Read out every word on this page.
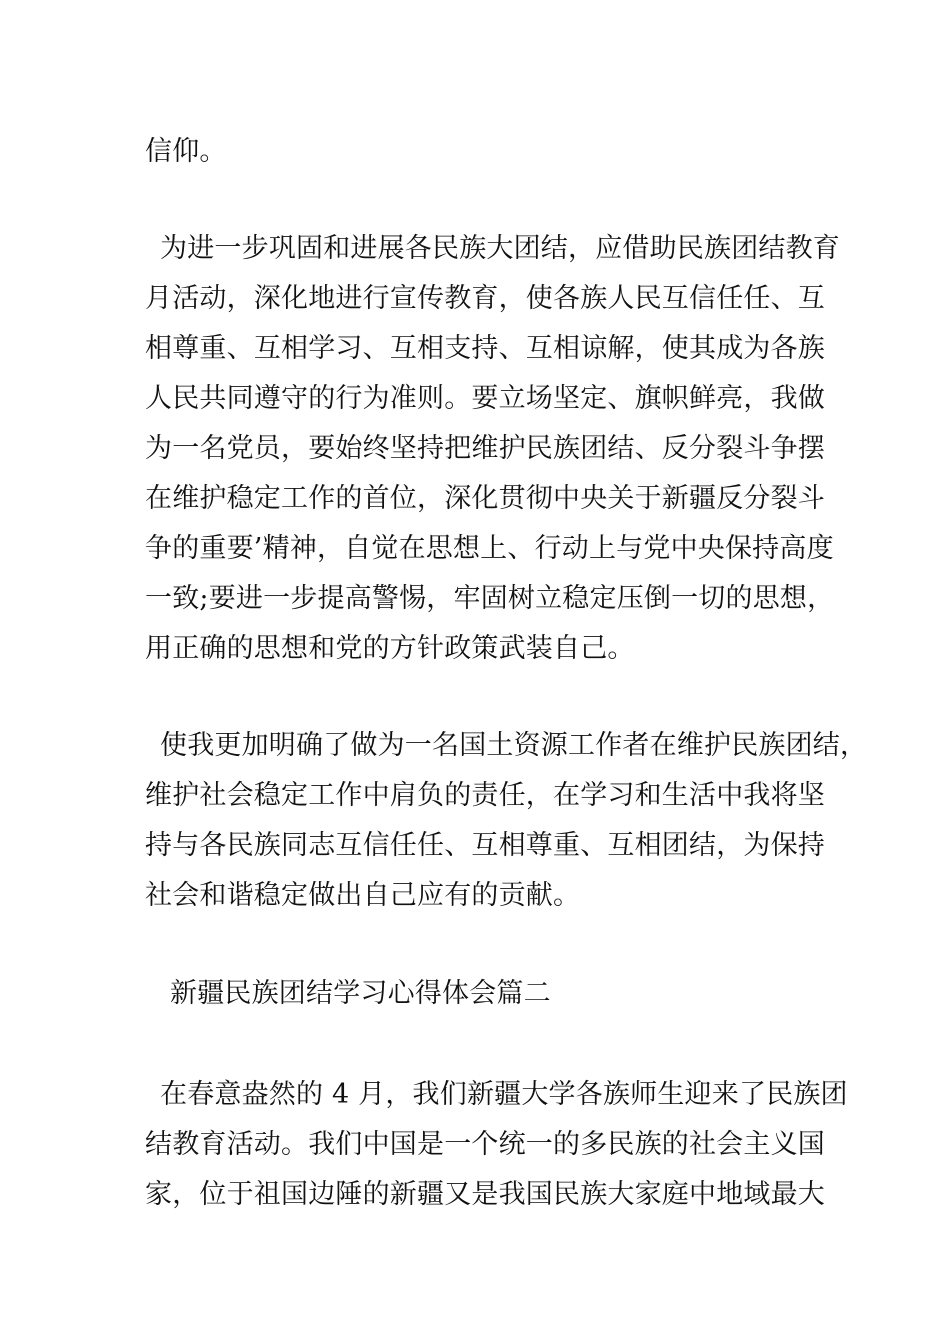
信仰。
为进一步巩固和进展各民族大团结，应借助民族团结教育
月活动，深化地进行宣传教育，使各族人民互信任任、互
相尊重、互相学习、互相支持、互相谅解，使其成为各族
人民共同遵守的行为准则。要立场坚定、旗帜鲜亮，我做
为一名党员，要始终坚持把维护民族团结、反分裂斗争摆
在维护稳定工作的首位，深化贯彻中央关于新疆反分裂斗
争的重要’精神，自觉在思想上、行动上与党中央保持高度
一致;要进一步提高警惕，牢固树立稳定压倒一切的思想，
用正确的思想和党的方针政策武装自己。
使我更加明确了做为一名国土资源工作者在维护民族团结，
维护社会稳定工作中肩负的责任，在学习和生活中我将坚
持与各民族同志互信任任、互相尊重、互相团结，为保持
社会和谐稳定做出自己应有的贡献。
新疆民族团结学习心得体会篇二
在春意盎然的 4 月，我们新疆大学各族师生迎来了民族团
结教育活动。我们中国是一个统一的多民族的社会主义国
家，位于祖国边陲的新疆又是我国民族大家庭中地域最大
